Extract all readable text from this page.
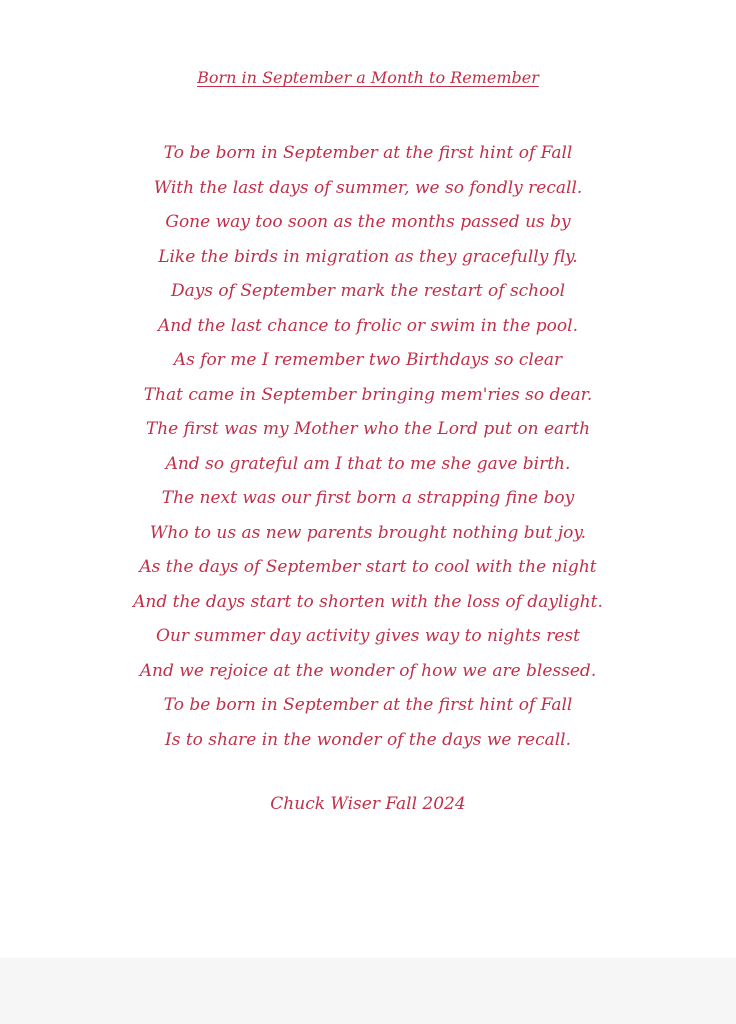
Born in September a Month to Remember
To be born in September at the first hint of Fall
With the last days of summer, we so fondly recall.
Gone way too soon as the months passed us by
Like the birds in migration as they gracefully fly.
Days of September mark the restart of school
And the last chance to frolic or swim in the pool.
As for me I remember two Birthdays so clear
That came in September bringing mem'ries so dear.
The first was my Mother who the Lord put on earth
And so grateful am I that to me she gave birth.
The next was our first born a strapping fine boy
Who to us as new parents brought nothing but joy.
As the days of September start to cool with the night
And the days start to shorten with the loss of daylight.
Our summer day activity gives way to nights rest
And we rejoice at the wonder of how we are blessed.
To be born in September at the first hint of Fall
Is to share in the wonder of the days we recall.
Chuck Wiser Fall 2024
